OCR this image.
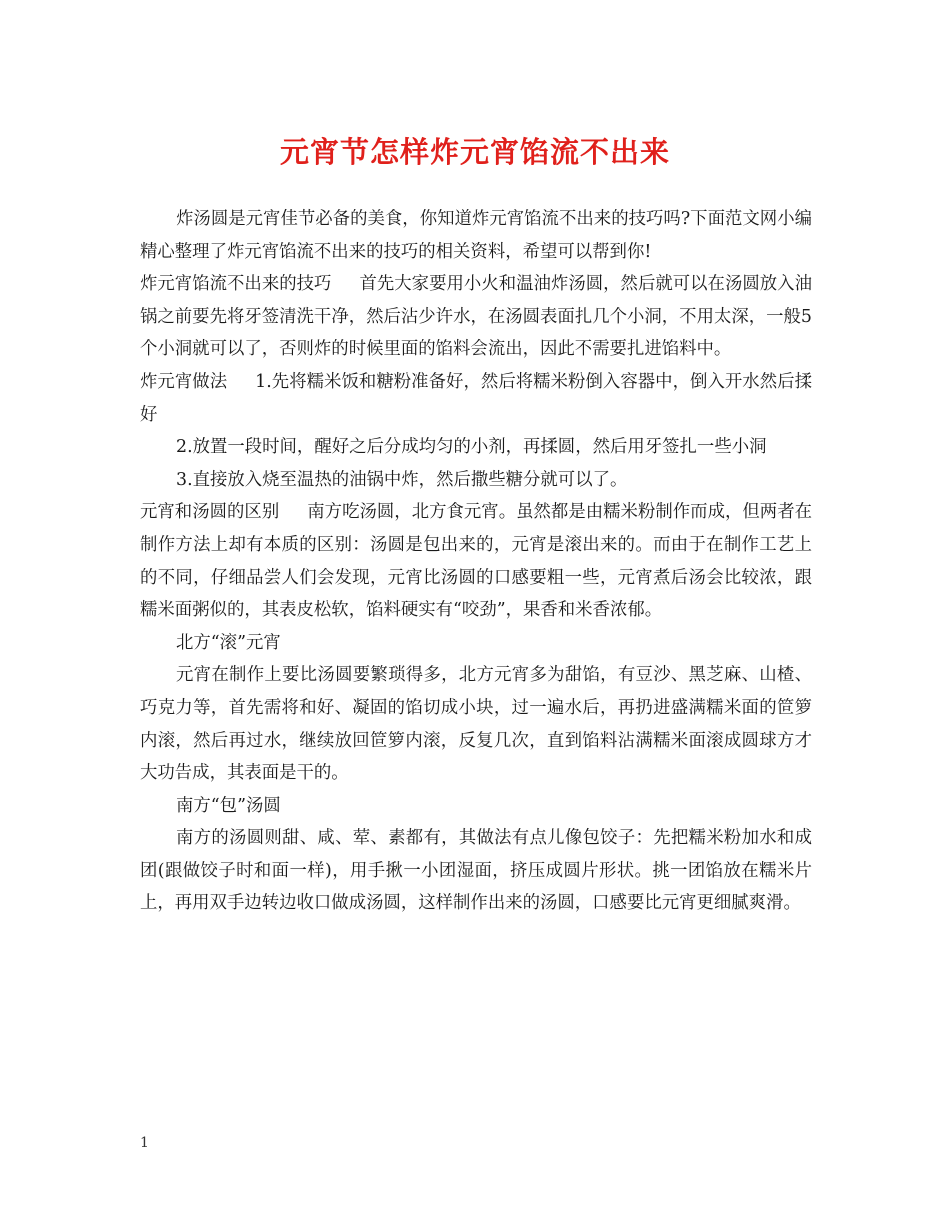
元宵节怎样炸元宵馅流不出来

炸汤圆是元宵佳节必备的美食，你知道炸元宵馅流不出来的技巧吗?下面范文网小编精心整理了炸元宵馅流不出来的技巧的相关资料，希望可以帮到你!

炸元宵馅流不出来的技巧 首先大家要用小火和温油炸汤圆，然后就可以在汤圆放入油锅之前要先将牙签清洗干净，然后沾少许水，在汤圆表面扎几个小洞，不用太深，一般5个小洞就可以了，否则炸的时候里面的馅料会流出，因此不需要扎进馅料中。

炸元宵做法 1.先将糯米饭和糖粉准备好，然后将糯米粉倒入容器中，倒入开水然后揉好

2.放置一段时间，醒好之后分成均匀的小剂，再揉圆，然后用牙签扎一些小洞

3.直接放入烧至温热的油锅中炸，然后撒些糖分就可以了。

元宵和汤圆的区别 南方吃汤圆，北方食元宵。虽然都是由糯米粉制作而成，但两者在制作方法上却有本质的区别：汤圆是包出来的，元宵是滚出来的。而由于在制作工艺上的不同，仔细品尝人们会发现，元宵比汤圆的口感要粗一些，元宵煮后汤会比较浓，跟糯米面粥似的，其表皮松软，馅料硬实有“咬劲”，果香和米香浓郁。

北方“滚”元宵

元宵在制作上要比汤圆要繁琐得多，北方元宵多为甜馅，有豆沙、黑芝麻、山楂、巧克力等，首先需将和好、凝固的馅切成小块，过一遍水后，再扔进盛满糯米面的笸箩内滚，然后再过水，继续放回笸箩内滚，反复几次，直到馅料沾满糯米面滚成圆球方才大功告成，其表面是干的。

南方“包”汤圆

南方的汤圆则甜、咸、荤、素都有，其做法有点儿像包饺子：先把糯米粉加水和成团(跟做饺子时和面一样)，用手揪一小团湿面，挤压成圆片形状。挑一团馅放在糯米片上，再用双手边转边收口做成汤圆，这样制作出来的汤圆，口感要比元宵更细腻爽滑。

1
